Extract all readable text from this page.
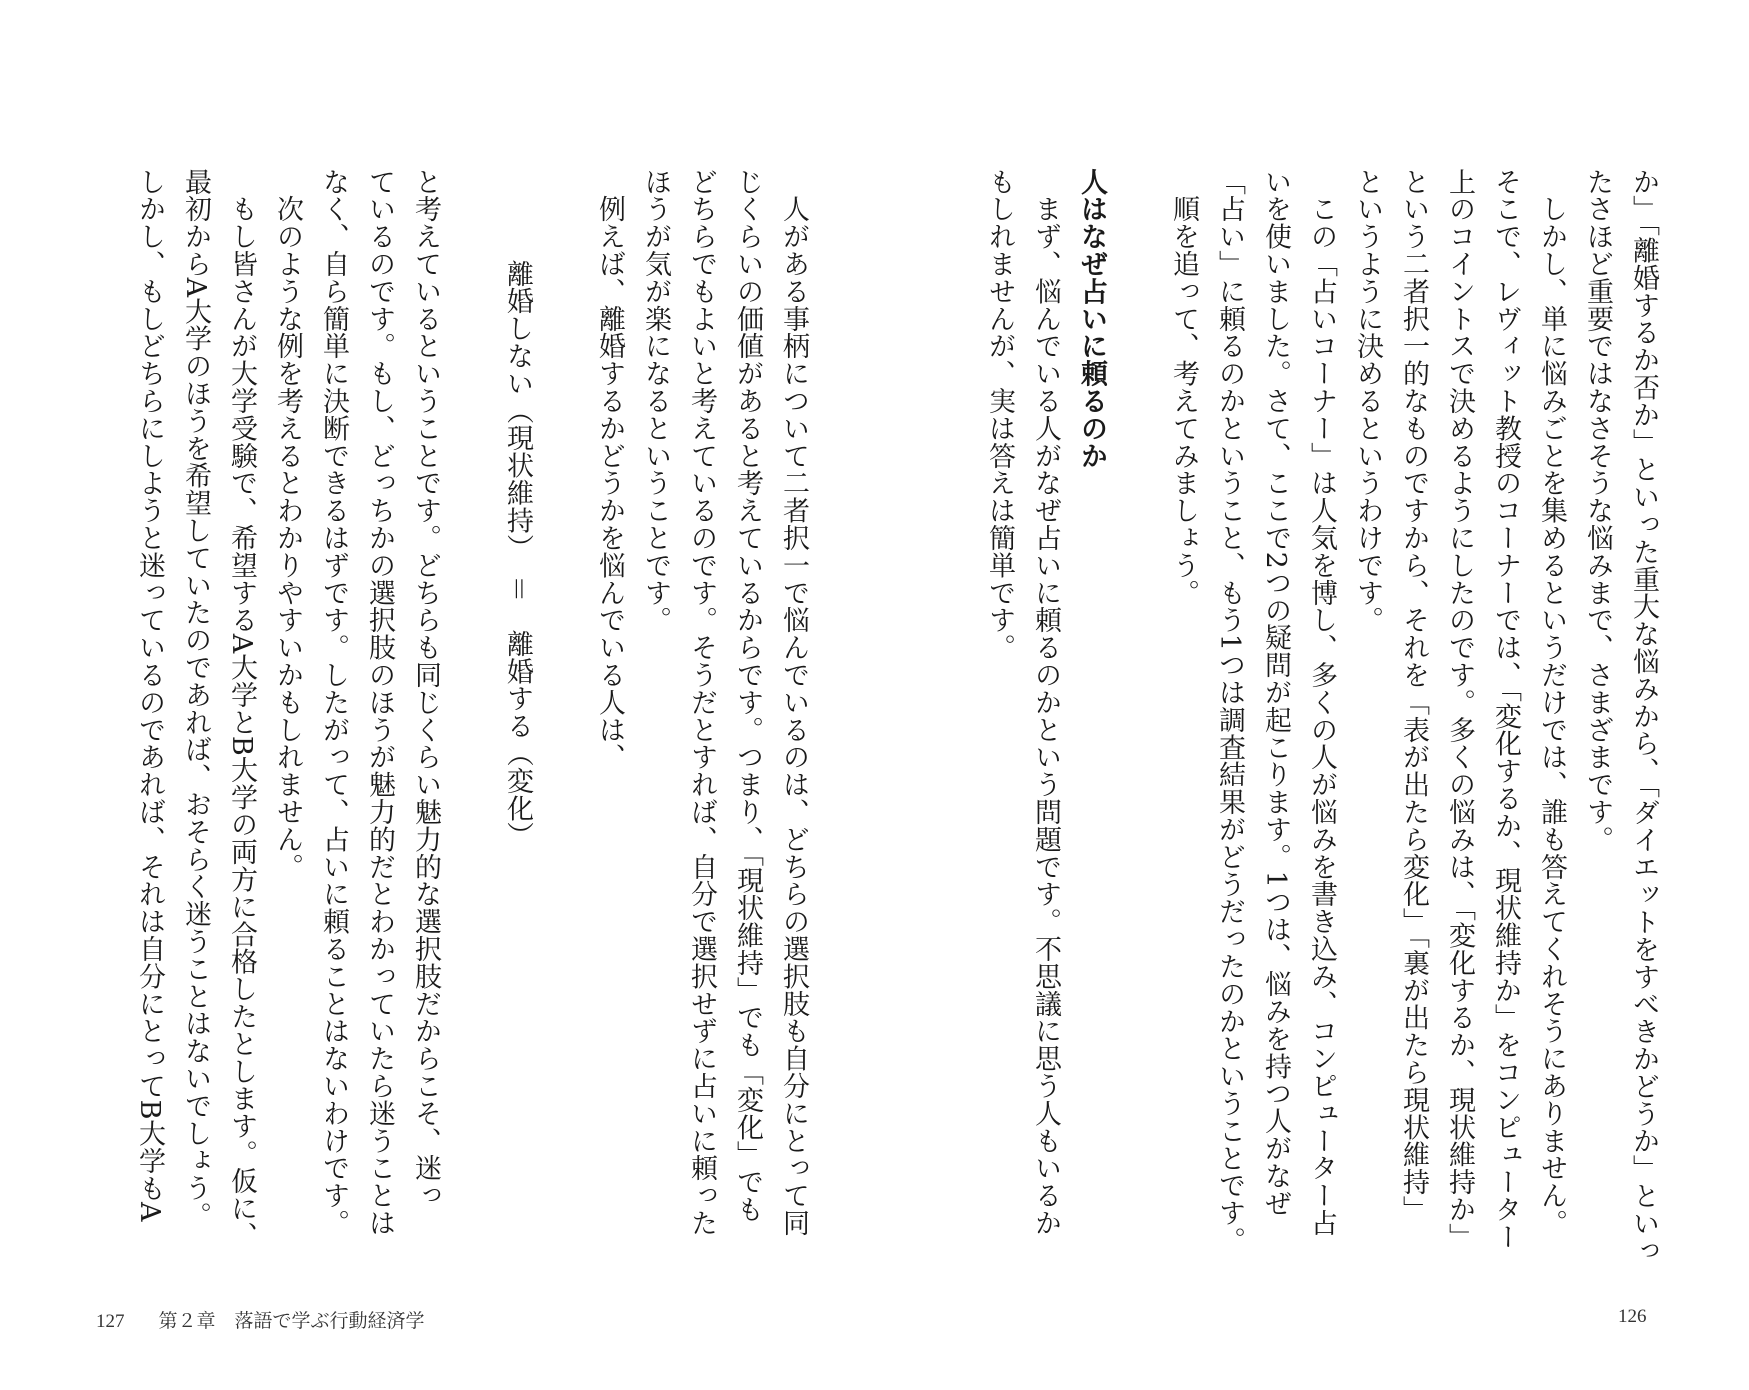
か」「離婚するか否か」といった重大な悩みから、「ダイエットをすべきかどうか」といっ
たさほど重要ではなさそうな悩みまで、さまざまです。
　しかし、単に悩みごとを集めるというだけでは、誰も答えてくれそうにありません。
そこで、レヴィット教授のコーナーでは、「変化するか、現状維持か」をコンピューター
上のコイントスで決めるようにしたのです。多くの悩みは、「変化するか、現状維持か」
という二者択一的なものですから、それを「表が出たら変化」「裏が出たら現状維持」
というように決めるというわけです。
　この「占いコーナー」は人気を博し、多くの人が悩みを書き込み、コンピューター占
いを使いました。さて、ここで2つの疑問が起こります。1つは、悩みを持つ人がなぜ
「占い」に頼るのかということ、もう1つは調査結果がどうだったのかということです。
　順を追って、考えてみましょう。
人はなぜ占いに頼るのか
　まず、悩んでいる人がなぜ占いに頼るのかという問題です。不思議に思う人もいるか
もしれませんが、実は答えは簡単です。
　人がある事柄について二者択一で悩んでいるのは、どちらの選択肢も自分にとって同
じくらいの価値があると考えているからです。つまり、「現状維持」でも「変化」でも
どちらでもよいと考えているのです。そうだとすれば、自分で選択せずに占いに頼った
ほうが気が楽になるということです。
　例えば、離婚するかどうかを悩んでいる人は、
離婚しない（現状維持）　＝　離婚する（変化）
と考えているということです。どちらも同じくらい魅力的な選択肢だからこそ、迷っ
ているのです。もし、どっちかの選択肢のほうが魅力的だとわかっていたら迷うことは
なく、自ら簡単に決断できるはずです。したがって、占いに頼ることはないわけです。
　次のような例を考えるとわかりやすいかもしれません。
　もし皆さんが大学受験で、希望するA大学とB大学の両方に合格したとします。仮に、
最初からA大学のほうを希望していたのであれば、おそらく迷うことはないでしょう。
しかし、もしどちらにしようと迷っているのであれば、それは自分にとってB大学もA
127 第２章　落語で学ぶ行動経済学	126
